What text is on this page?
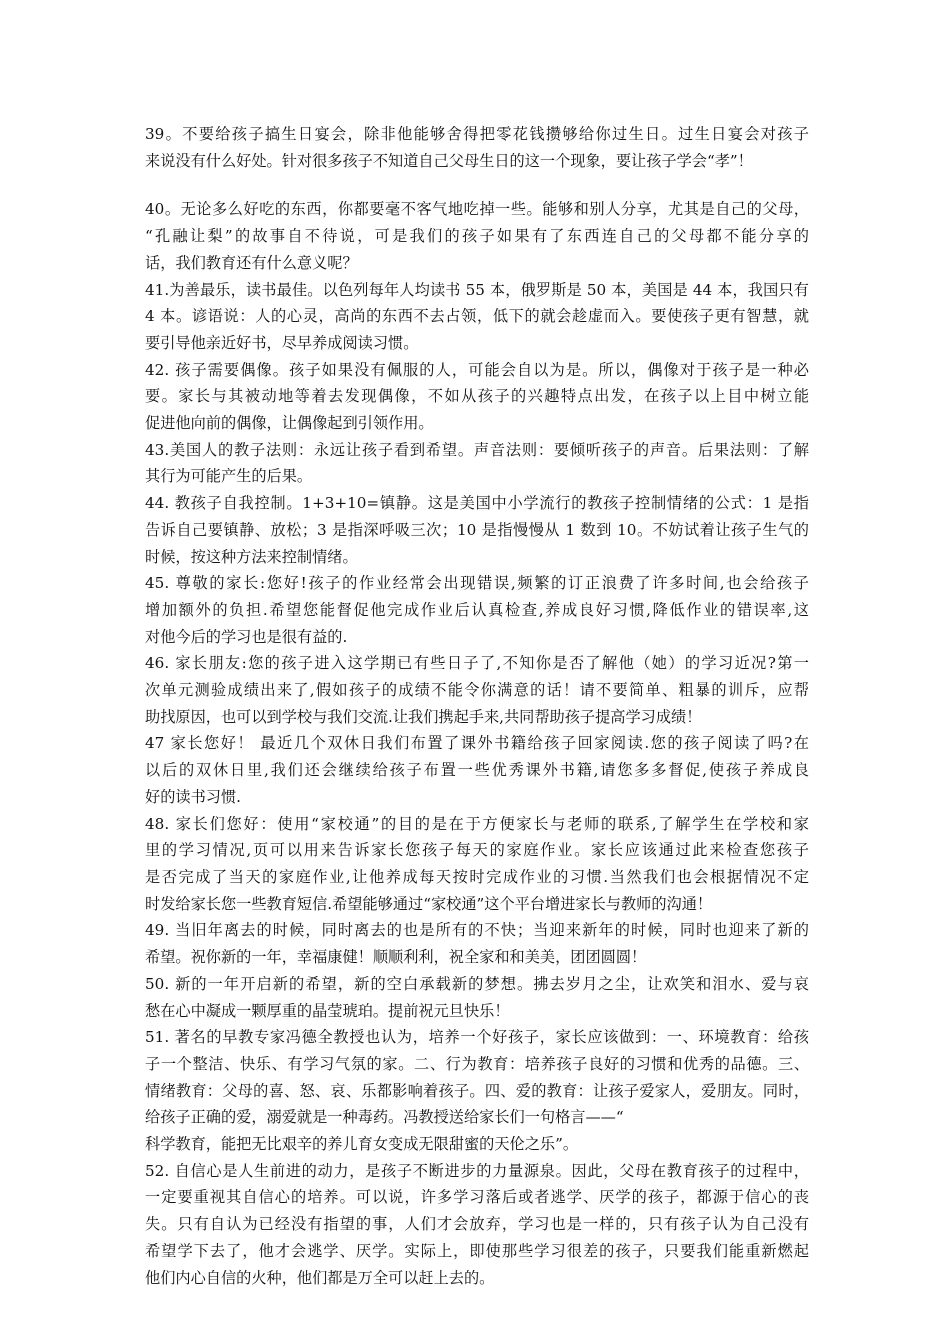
39。不要给孩子搞生日宴会，除非他能够舍得把零花钱攒够给你过生日。过生日宴会对孩子
来说没有什么好处。针对很多孩子不知道自己父母生日的这一个现象，要让孩子学会“孝”！

40。无论多么好吃的东西，你都要毫不客气地吃掉一些。能够和别人分享，尤其是自己的父母，
“孔融让梨”的故事自不待说，可是我们的孩子如果有了东西连自己的父母都不能分享的
话，我们教育还有什么意义呢？

41.为善最乐，读书最佳。以色列每年人均读书 55 本，俄罗斯是 50 本，美国是 44 本，我国只有
4 本。谚语说：人的心灵，高尚的东西不去占领，低下的就会趁虚而入。要使孩子更有智慧，就
要引导他亲近好书，尽早养成阅读习惯。

42. 孩子需要偶像。孩子如果没有佩服的人，可能会自以为是。所以，偶像对于孩子是一种必
要。家长与其被动地等着去发现偶像，不如从孩子的兴趣特点出发，在孩子以上目中树立能
促进他向前的偶像，让偶像起到引领作用。

43.美国人的教子法则：永远让孩子看到希望。声音法则：要倾听孩子的声音。后果法则：了解
其行为可能产生的后果。

44. 教孩子自我控制。1+3+10=镇静。这是美国中小学流行的教孩子控制情绪的公式：1 是指
告诉自己要镇静、放松；3 是指深呼吸三次；10 是指慢慢从 1 数到 10。不妨试着让孩子生气的
时候，按这种方法来控制情绪。

45. 尊敬的家长:您好!孩子的作业经常会出现错误,频繁的订正浪费了许多时间,也会给孩子
增加额外的负担.希望您能督促他完成作业后认真检查,养成良好习惯,降低作业的错误率,这
对他今后的学习也是很有益的.

46. 家长朋友:您的孩子进入这学期已有些日子了,不知你是否了解他（她）的学习近况?第一
次单元测验成绩出来了,假如孩子的成绩不能令你满意的话！请不要简单、粗暴的训斥，应帮
助找原因，也可以到学校与我们交流.让我们携起手来,共同帮助孩子提高学习成绩！

47 家长您好！ 最近几个双休日我们布置了课外书籍给孩子回家阅读.您的孩子阅读了吗?在
以后的双休日里,我们还会继续给孩子布置一些优秀课外书籍,请您多多督促,使孩子养成良
好的读书习惯.

48. 家长们您好：使用“家校通”的目的是在于方便家长与老师的联系,了解学生在学校和家
里的学习情况,页可以用来告诉家长您孩子每天的家庭作业。家长应该通过此来检查您孩子
是否完成了当天的家庭作业,让他养成每天按时完成作业的习惯.当然我们也会根据情况不定
时发给家长您一些教育短信.希望能够通过“家校通”这个平台增进家长与教师的沟通！

49. 当旧年离去的时候，同时离去的也是所有的不快；当迎来新年的时候，同时也迎来了新的
希望。祝你新的一年，幸福康健！顺顺利利，祝全家和和美美，团团圆圆！

50. 新的一年开启新的希望，新的空白承载新的梦想。拂去岁月之尘，让欢笑和泪水、爱与哀
愁在心中凝成一颗厚重的晶莹琥珀。提前祝元旦快乐！

51. 著名的早教专家冯德全教授也认为，培养一个好孩子，家长应该做到：一、环境教育：给孩
子一个整洁、快乐、有学习气氛的家。二、行为教育：培养孩子良好的习惯和优秀的品德。三、
情绪教育：父母的喜、怒、哀、乐都影响着孩子。四、爱的教育：让孩子爱家人，爱朋友。同时，
给孩子正确的爱，溺爱就是一种毒药。冯教授送给家长们一句格言——“
科学教育，能把无比艰辛的养儿育女变成无限甜蜜的天伦之乐”。

52. 自信心是人生前进的动力，是孩子不断进步的力量源泉。因此，父母在教育孩子的过程中，
一定要重视其自信心的培养。可以说，许多学习落后或者逃学、厌学的孩子，都源于信心的丧
失。只有自认为已经没有指望的事，人们才会放弃，学习也是一样的，只有孩子认为自己没有
希望学下去了，他才会逃学、厌学。实际上，即使那些学习很差的孩子，只要我们能重新燃起
他们内心自信的火种，他们都是万全可以赶上去的。
